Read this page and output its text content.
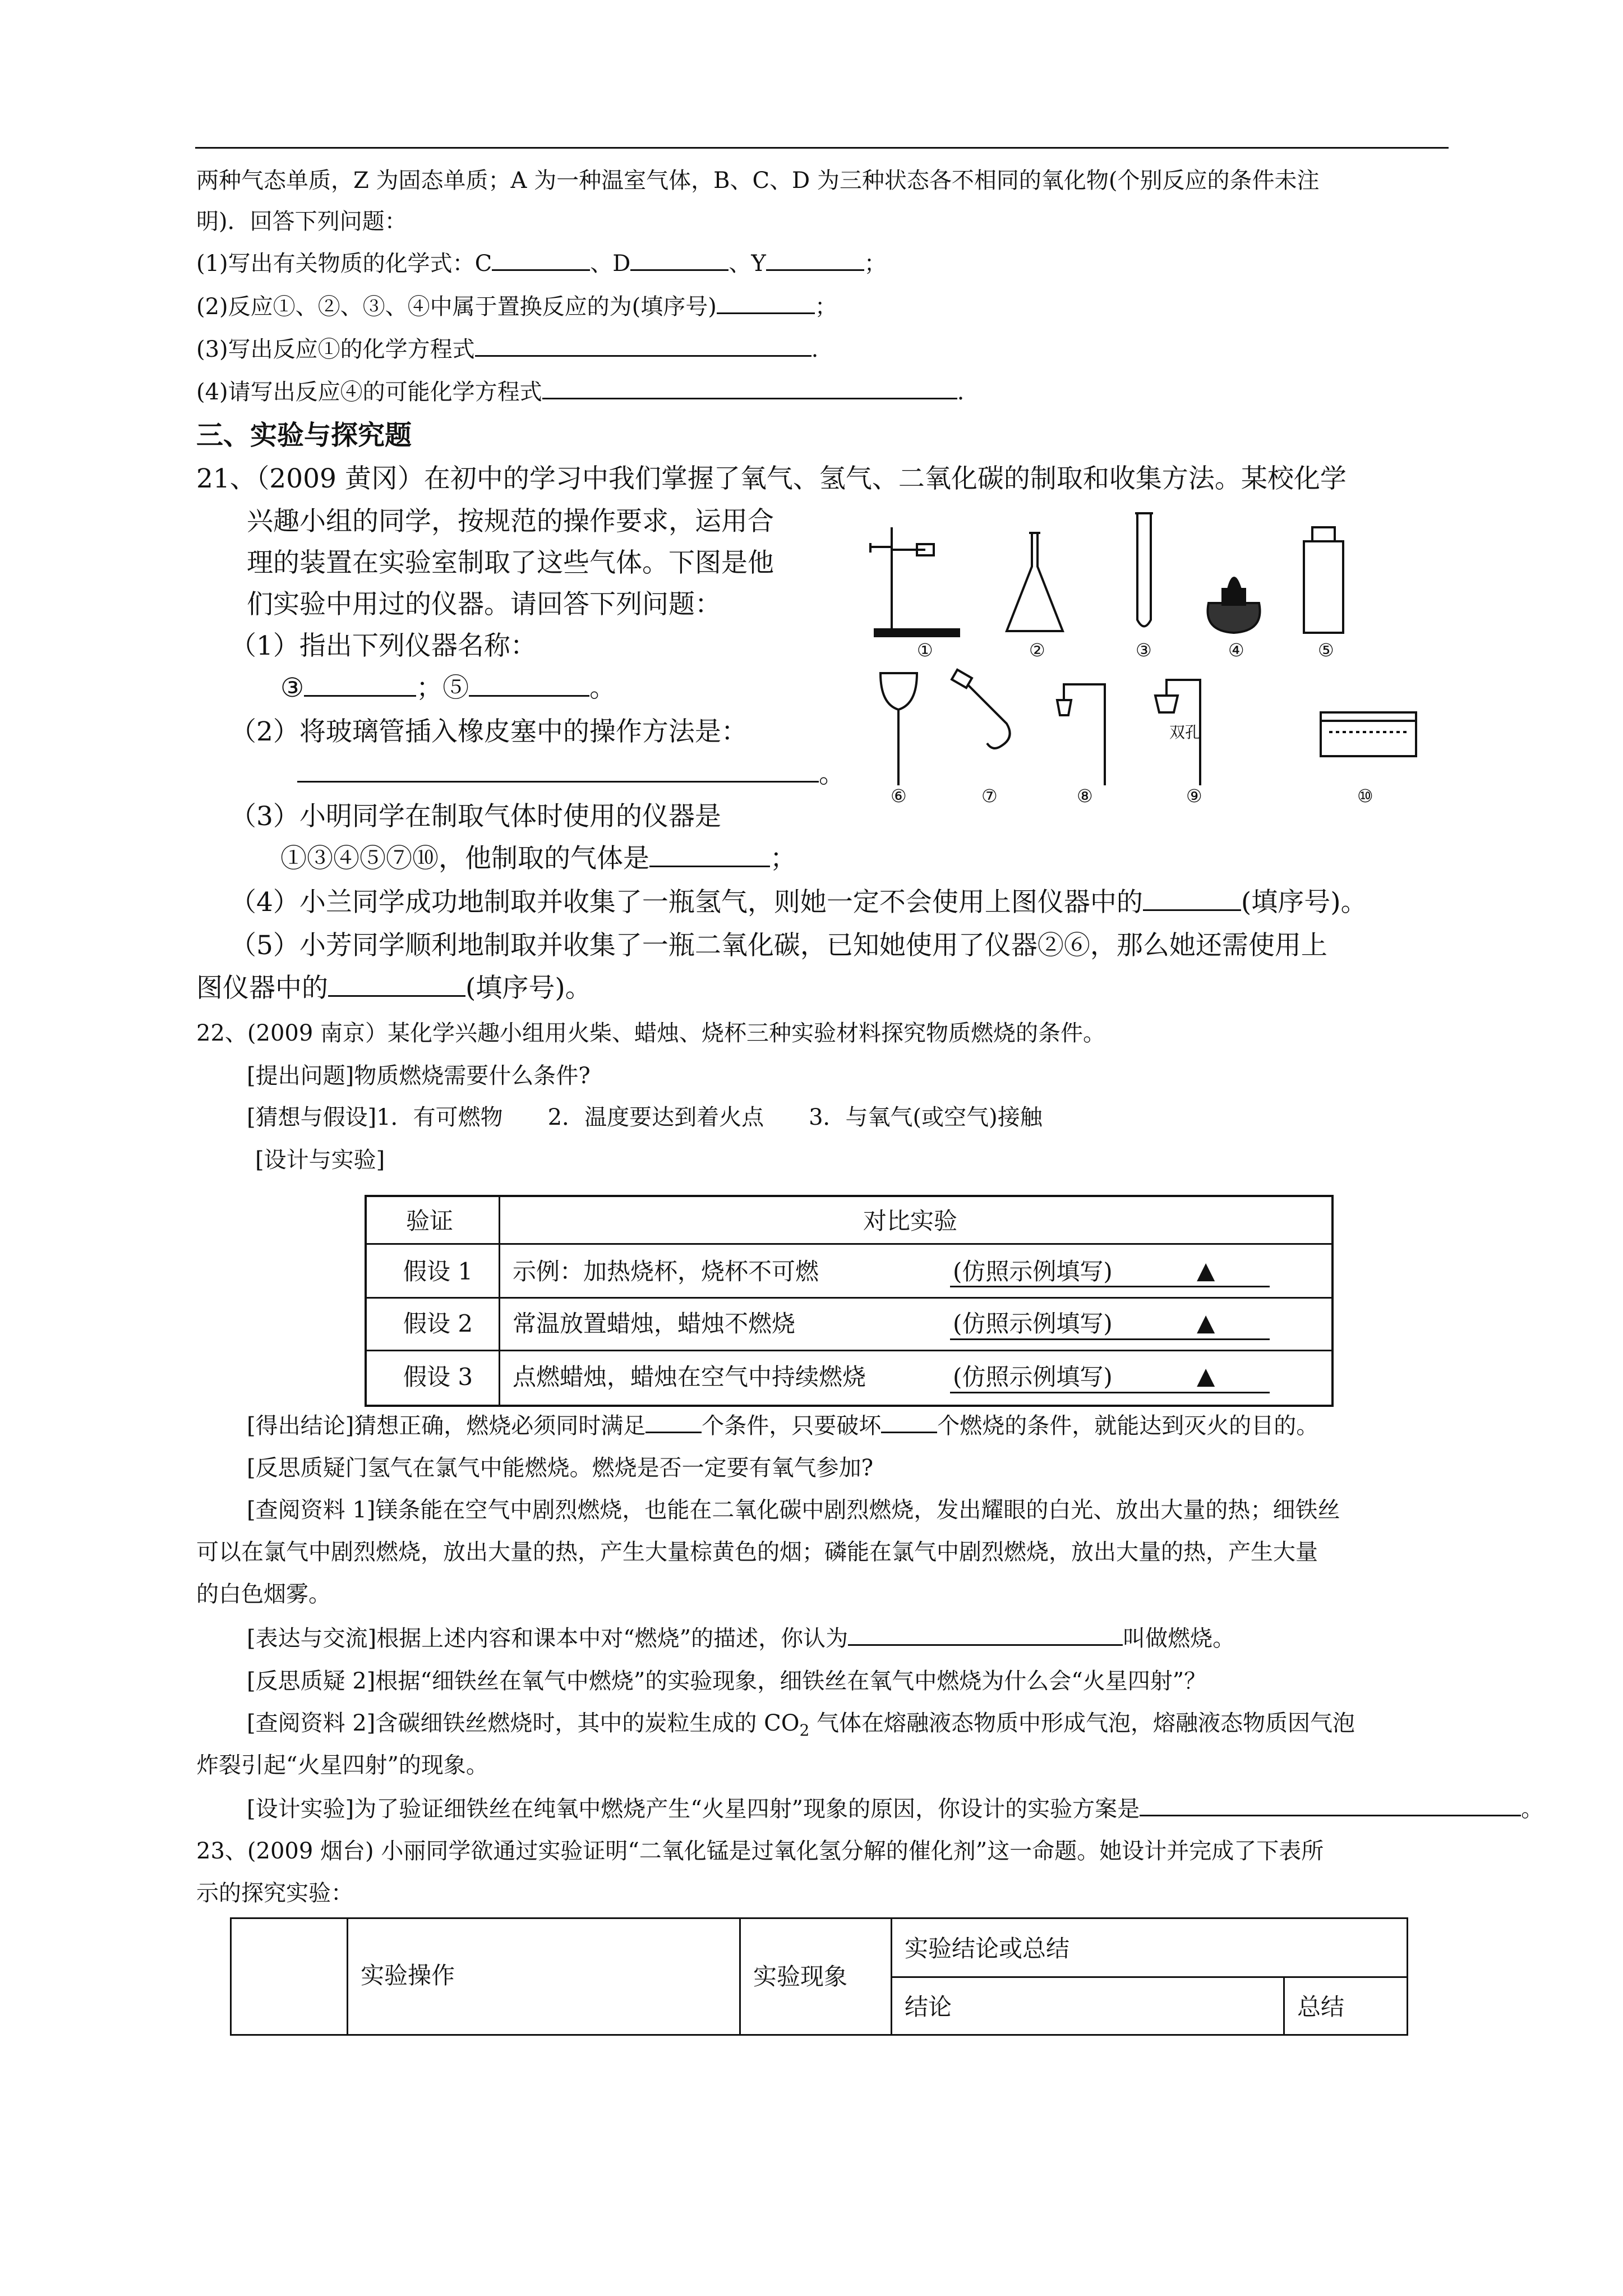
两种气态单质，Z 为固态单质；A 为一种温室气体，B、C、D 为三种状态各不相同的氧化物(个别反应的条件未注
明)．回答下列问题：
(1)写出有关物质的化学式：C	、D	、Y	；
(2)反应①、②、③、④中属于置换反应的为(填序号)	；
(3)写出反应①的化学方程式	.
(4)请写出反应④的可能化学方程式	.
三、实验与探究题
21、（2009 黄冈）在初中的学习中我们掌握了氧气、氢气、二氧化碳的制取和收集方法。某校化学
兴趣小组的同学，按规范的操作要求，运用合
理的装置在实验室制取了这些气体。下图是他
们实验中用过的仪器。请回答下列问题：
（1）指出下列仪器名称：
③	；⑤	。
（2）将玻璃管插入橡皮塞中的操作方法是：
。
（3）小明同学在制取气体时使用的仪器是
①③④⑤⑦⑩，他制取的气体是	；
（4）小兰同学成功地制取并收集了一瓶氢气，则她一定不会使用上图仪器中的	(填序号)。
（5）小芳同学顺利地制取并收集了一瓶二氧化碳，已知她使用了仪器②⑥，那么她还需使用上
图仪器中的	(填序号)。
①	②	③	④	⑤
⑥	⑦	⑧	⑨	⑩
双孔
22、(2009 南京）某化学兴趣小组用火柴、蜡烛、烧杯三种实验材料探究物质燃烧的条件。
[提出问题]物质燃烧需要什么条件?
[猜想与假设]1．有可燃物　　2．温度要达到着火点　　3．与氧气(或空气)接触
[设计与实验]
验证	对比实验
假设 1 示例：加热烧杯，烧杯不可燃	(仿照示例填写)	▲
假设 2 常温放置蜡烛，蜡烛不燃烧	(仿照示例填写)	▲
假设 3 点燃蜡烛，蜡烛在空气中持续燃烧	(仿照示例填写)	▲
[得出结论]猜想正确，燃烧必须同时满足	个条件，只要破坏	个燃烧的条件，就能达到灭火的目的。
[反思质疑门氢气在氯气中能燃烧。燃烧是否一定要有氧气参加?
[查阅资料 1]镁条能在空气中剧烈燃烧，也能在二氧化碳中剧烈燃烧，发出耀眼的白光、放出大量的热；细铁丝
可以在氯气中剧烈燃烧，放出大量的热，产生大量棕黄色的烟；磷能在氯气中剧烈燃烧，放出大量的热，产生大量
的白色烟雾。
[表达与交流]根据上述内容和课本中对“燃烧”的描述，你认为	叫做燃烧。
[反思质疑 2]根据“细铁丝在氧气中燃烧”的实验现象，细铁丝在氧气中燃烧为什么会“火星四射”？
[查阅资料 2]含碳细铁丝燃烧时，其中的炭粒生成的 $CO_2$ 气体在熔融液态物质中形成气泡，熔融液态物质因气泡
炸裂引起“火星四射”的现象。
[设计实验]为了验证细铁丝在纯氧中燃烧产生“火星四射”现象的原因，你设计的实验方案是	。
23、(2009 烟台) 小丽同学欲通过实验证明“二氧化锰是过氧化氢分解的催化剂”这一命题。她设计并完成了下表所
示的探究实验：
实验操作	实验现象
实验结论或总结
结论	总结
